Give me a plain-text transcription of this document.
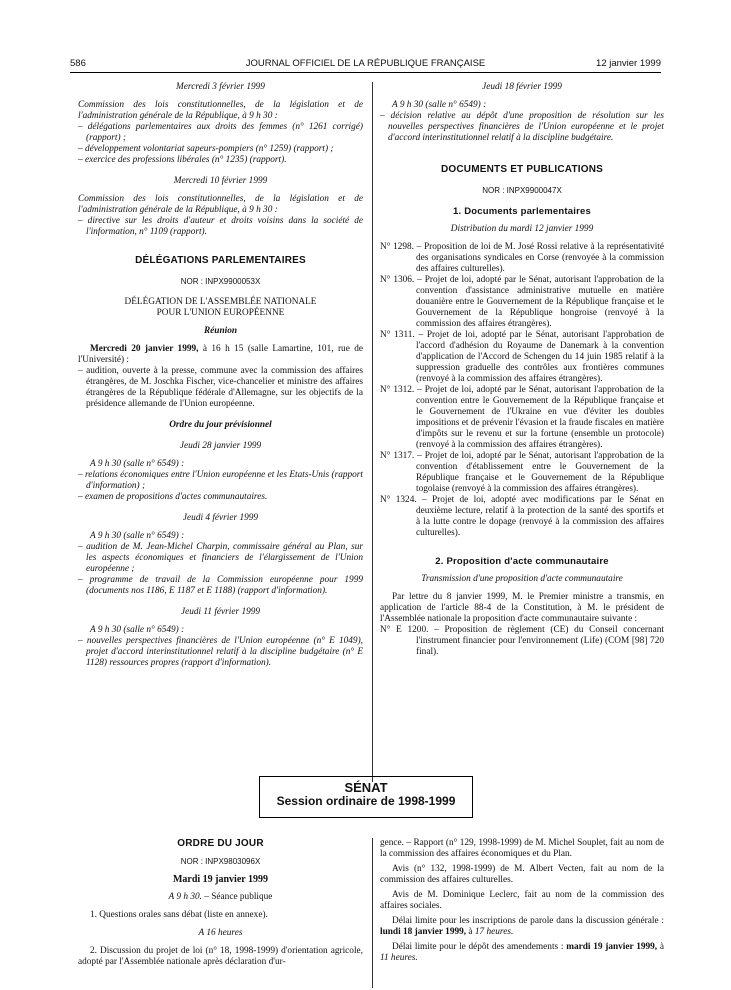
586	JOURNAL OFFICIEL DE LA RÉPUBLIQUE FRANÇAISE	12 janvier 1999

Mercredi 3 février 1999

Commission des lois constitutionnelles, de la législation et de l'administration générale de la République, à 9 h 30 :

– délégations parlementaires aux droits des femmes (n° 1261 corrigé) (rapport) ;

– développement volontariat sapeurs-pompiers (n° 1259) (rapport) ;

– exercice des professions libérales (n° 1235) (rapport).

Mercredi 10 février 1999

Commission des lois constitutionnelles, de la législation et de l'administration générale de la République, à 9 h 30 :

– directive sur les droits d'auteur et droits voisins dans la société de l'information, n° 1109 (rapport).

DÉLÉGATIONS PARLEMENTAIRES

NOR : INPX9900053X

DÉLÉGATION DE L'ASSEMBLÉE NATIONALE

POUR L'UNION EUROPÉENNE

Réunion

Mercredi 20 janvier 1999, à 16 h 15 (salle Lamartine, 101, rue de l'Université) :

– audition, ouverte à la presse, commune avec la commission des affaires étrangères, de M. Joschka Fischer, vice-chancelier et ministre des affaires étrangères de la République fédérale d'Allemagne, sur les objectifs de la présidence allemande de l'Union européenne.

Ordre du jour prévisionnel

Jeudi 28 janvier 1999

A 9 h 30 (salle n° 6549) :

– relations économiques entre l'Union européenne et les Etats-Unis (rapport d'information) ;

– examen de propositions d'actes communautaires.

Jeudi 4 février 1999

A 9 h 30 (salle n° 6549) :

– audition de M. Jean-Michel Charpin, commissaire général au Plan, sur les aspects économiques et financiers de l'élargissement de l'Union européenne ;

– programme de travail de la Commission européenne pour 1999 (documents nos 1186, E 1187 et E 1188) (rapport d'information).

Jeudi 11 février 1999

A 9 h 30 (salle n° 6549) :

– nouvelles perspectives financières de l'Union européenne (n° E 1049), projet d'accord interinstitutionnel relatif à la discipline budgétaire (n° E 1128) ressources propres (rapport d'information).

Jeudi 18 février 1999

A 9 h 30 (salle n° 6549) :

– décision relative au dépôt d'une proposition de résolution sur les nouvelles perspectives financières de l'Union européenne et le projet d'accord interinstitutionnel relatif à la discipline budgétaire.

DOCUMENTS ET PUBLICATIONS

NOR : INPX9900047X

1. Documents parlementaires

Distribution du mardi 12 janvier 1999

N° 1298. – Proposition de loi de M. José Rossi relative à la représentativité des organisations syndicales en Corse (renvoyée à la commission des affaires culturelles).

N° 1306. – Projet de loi, adopté par le Sénat, autorisant l'approbation de la convention d'assistance administrative mutuelle en matière douanière entre le Gouvernement de la République française et le Gouvernement de la République hongroise (renvoyé à la commission des affaires étrangères).

N° 1311. – Projet de loi, adopté par le Sénat, autorisant l'approbation de l'accord d'adhésion du Royaume de Danemark à la convention d'application de l'Accord de Schengen du 14 juin 1985 relatif à la suppression graduelle des contrôles aux frontières communes (renvoyé à la commission des affaires étrangères).

N° 1312. – Projet de loi, adopté par le Sénat, autorisant l'approbation de la convention entre le Gouvernement de la République française et le Gouvernement de l'Ukraine en vue d'éviter les doubles impositions et de prévenir l'évasion et la fraude fiscales en matière d'impôts sur le revenu et sur la fortune (ensemble un protocole) (renvoyé à la commission des affaires étrangères).

N° 1317. – Projet de loi, adopté par le Sénat, autorisant l'approbation de la convention d'établissement entre le Gouvernement de la République française et le Gouvernement de la République togolaise (renvoyé à la commission des affaires étrangères).

N° 1324. – Projet de loi, adopté avec modifications par le Sénat en deuxième lecture, relatif à la protection de la santé des sportifs et à la lutte contre le dopage (renvoyé à la commission des affaires culturelles).

2. Proposition d'acte communautaire

Transmission d'une proposition d'acte communautaire

Par lettre du 8 janvier 1999, M. le Premier ministre a transmis, en application de l'article 88-4 de la Constitution, à M. le président de l'Assemblée nationale la proposition d'acte communautaire suivante :

N° E 1200. – Proposition de règlement (CE) du Conseil concernant l'instrument financier pour l'environnement (Life) (COM [98] 720 final).

SÉNAT
Session ordinaire de 1998-1999

ORDRE DU JOUR

NOR : INPX9803096X

Mardi 19 janvier 1999

A 9 h 30. – Séance publique

1. Questions orales sans débat (liste en annexe).

A 16 heures

2. Discussion du projet de loi (n° 18, 1998-1999) d'orientation agricole, adopté par l'Assemblée nationale après déclaration d'ur-

gence. – Rapport (n° 129, 1998-1999) de M. Michel Souplet, fait au nom de la commission des affaires économiques et du Plan.

Avis (n° 132, 1998-1999) de M. Albert Vecten, fait au nom de la commission des affaires culturelles.

Avis de M. Dominique Leclerc, fait au nom de la commission des affaires sociales.

Délai limite pour les inscriptions de parole dans la discussion générale : lundi 18 janvier 1999, à 17 heures.

Délai limite pour le dépôt des amendements : mardi 19 janvier 1999, à 11 heures.
